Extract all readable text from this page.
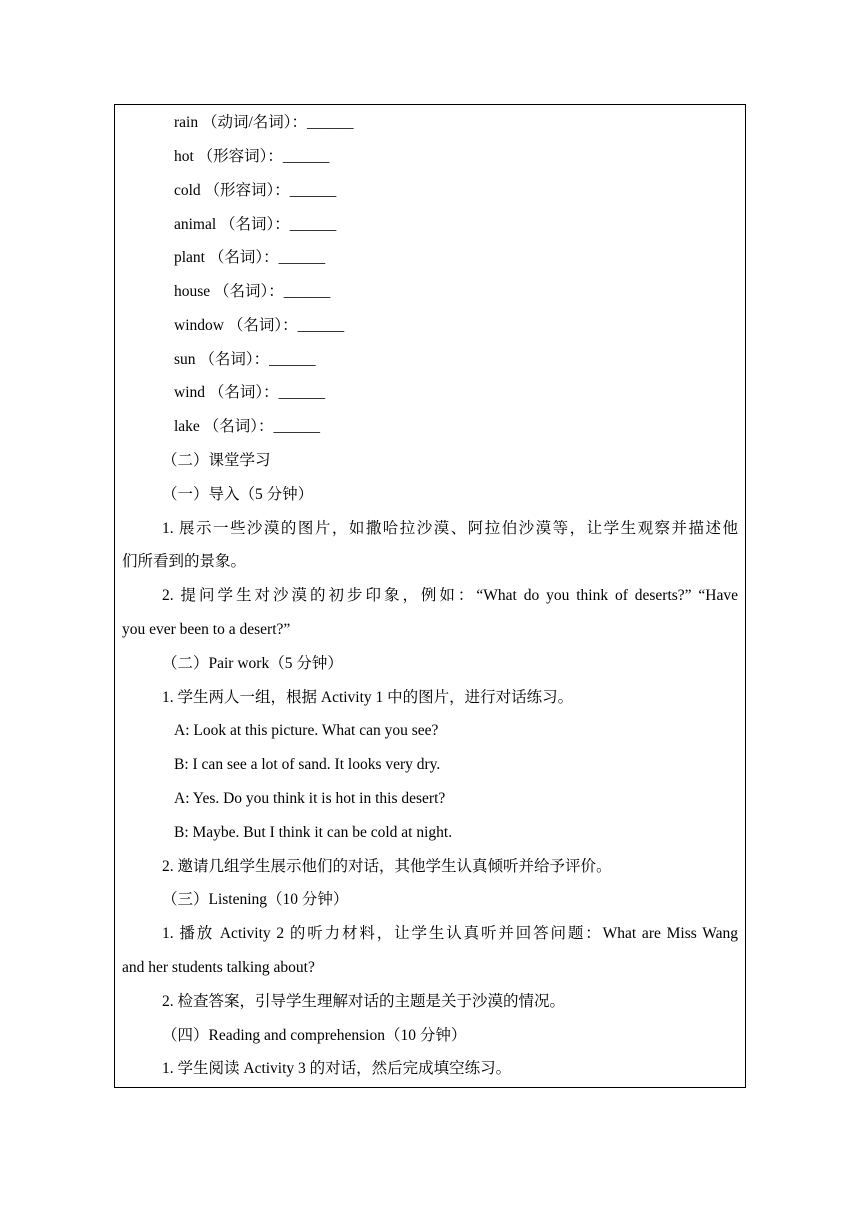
rain （动词/名词）：______
hot （形容词）：______
cold （形容词）：______
animal （名词）：______
plant （名词）：______
house （名词）：______
window （名词）：______
sun （名词）：______
wind （名词）：______
lake （名词）：______
（二）课堂学习
（一）导入（5 分钟）
1. 展示一些沙漠的图片，如撒哈拉沙漠、阿拉伯沙漠等，让学生观察并描述他
们所看到的景象。
2. 提问学生对沙漠的初步印象，例如：“What do you think of deserts?” “Have
you ever been to a desert?”
（二）Pair work（5 分钟）
1. 学生两人一组，根据 Activity 1 中的图片，进行对话练习。
A: Look at this picture. What can you see?
B: I can see a lot of sand. It looks very dry.
A: Yes. Do you think it is hot in this desert?
B: Maybe. But I think it can be cold at night.
2. 邀请几组学生展示他们的对话，其他学生认真倾听并给予评价。
（三）Listening（10 分钟）
1. 播放 Activity 2 的听力材料，让学生认真听并回答问题：What are Miss Wang
and her students talking about?
2. 检查答案，引导学生理解对话的主题是关于沙漠的情况。
（四）Reading and comprehension（10 分钟）
1. 学生阅读 Activity 3 的对话，然后完成填空练习。
